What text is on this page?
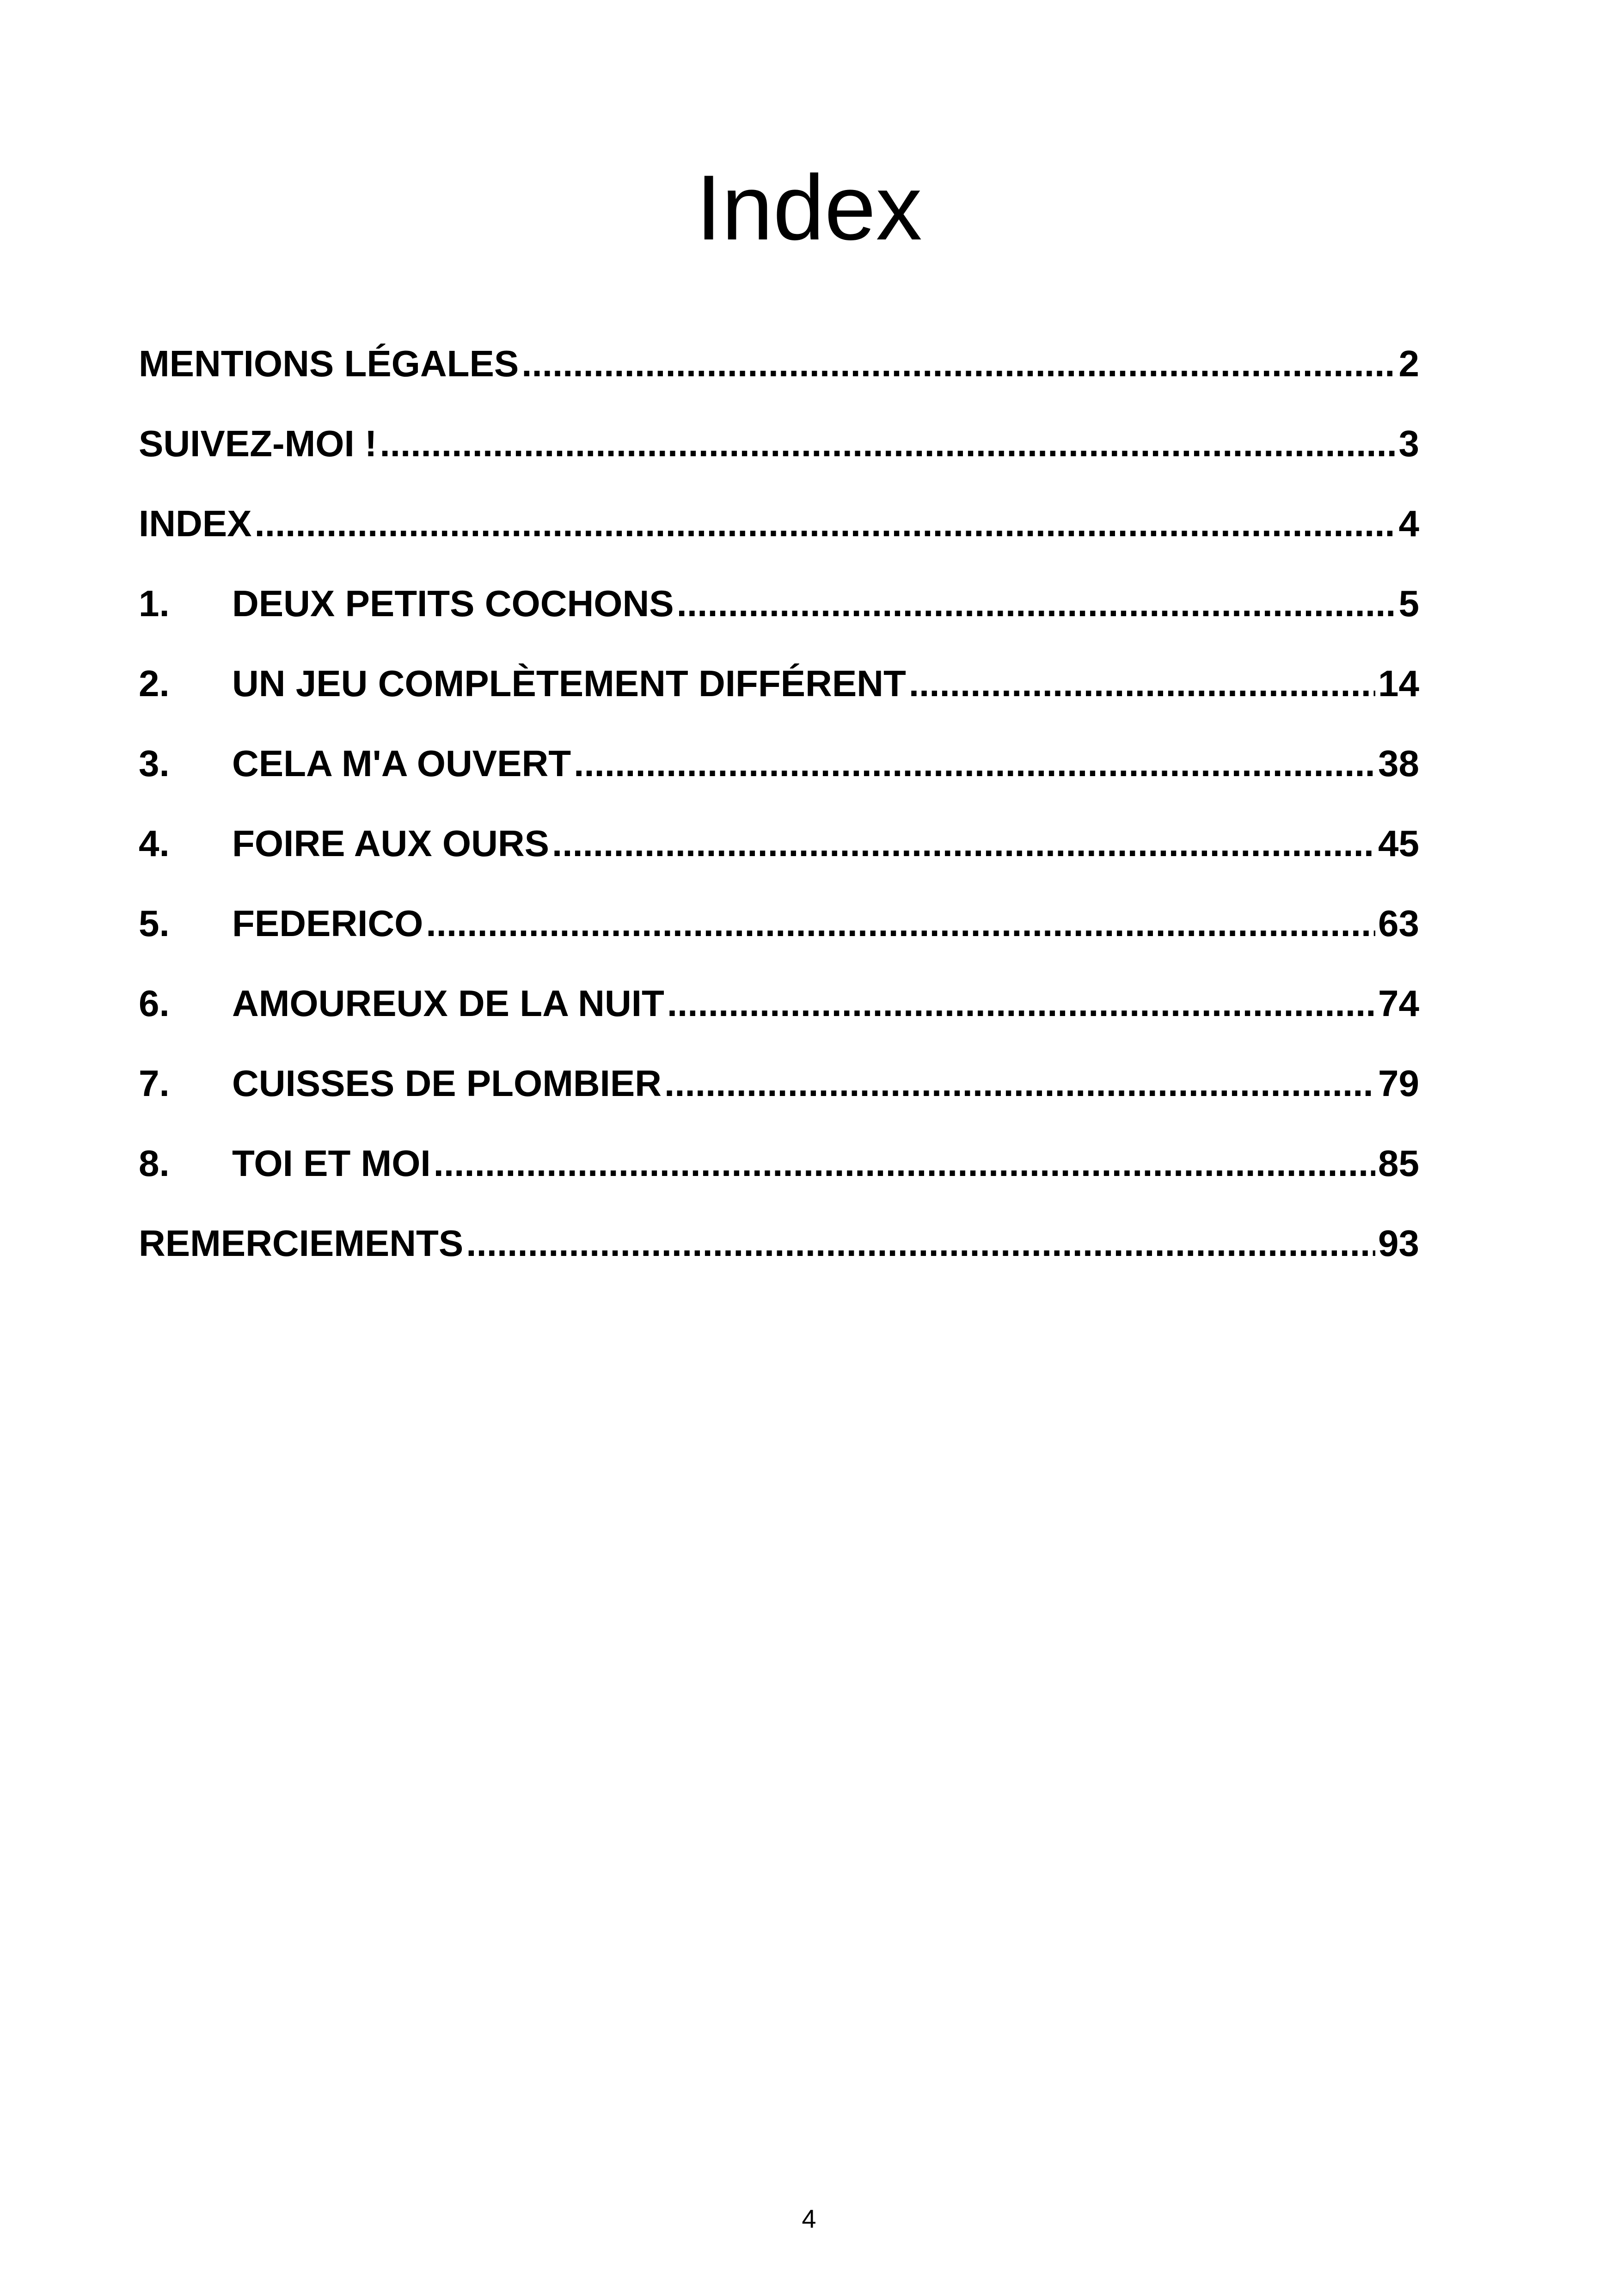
Index
MENTIONS LÉGALES .....	2
SUIVEZ-MOI ! .....	3
INDEX .....	4
1.	DEUX PETITS COCHONS .....	5
2.	UN JEU COMPLÈTEMENT DIFFÉRENT .....	14
3.	CELA M'A OUVERT .....	38
4.	FOIRE AUX OURS .....	45
5.	FEDERICO .....	63
6.	AMOUREUX DE LA NUIT .....	74
7.	CUISSES DE PLOMBIER .....	79
8.	TOI ET MOI .....	85
REMERCIEMENTS .....	93
4
